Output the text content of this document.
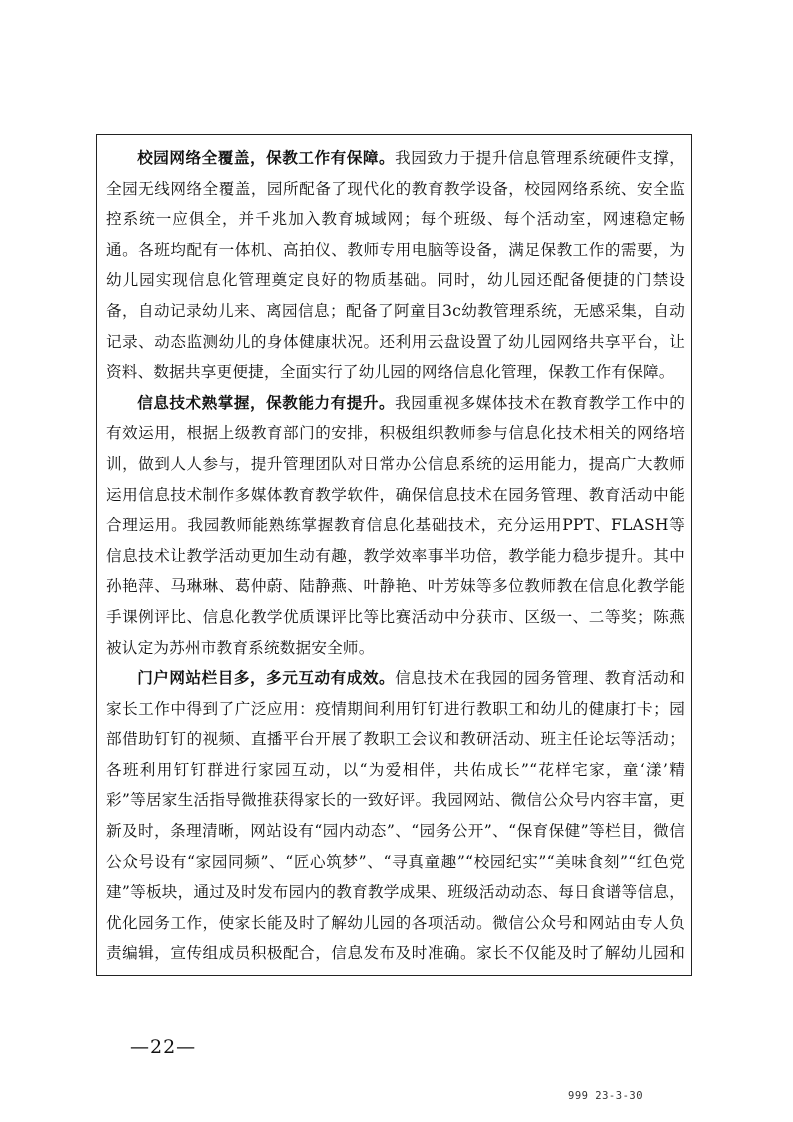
校园网络全覆盖，保教工作有保障。我园致力于提升信息管理系统硬件支撑，全园无线网络全覆盖，园所配备了现代化的教育教学设备，校园网络系统、安全监控系统一应俱全，并千兆加入教育城域网；每个班级、每个活动室，网速稳定畅通。各班均配有一体机、高拍仪、教师专用电脑等设备，满足保教工作的需要，为幼儿园实现信息化管理奠定良好的物质基础。同时，幼儿园还配备便捷的门禁设备，自动记录幼儿来、离园信息；配备了阿童目3c幼教管理系统，无感采集，自动记录、动态监测幼儿的身体健康状况。还利用云盘设置了幼儿园网络共享平台，让资料、数据共享更便捷，全面实行了幼儿园的网络信息化管理，保教工作有保障。

信息技术熟掌握，保教能力有提升。我园重视多媒体技术在教育教学工作中的有效运用，根据上级教育部门的安排，积极组织教师参与信息化技术相关的网络培训，做到人人参与，提升管理团队对日常办公信息系统的运用能力，提高广大教师运用信息技术制作多媒体教育教学软件，确保信息技术在园务管理、教育活动中能合理运用。我园教师能熟练掌握教育信息化基础技术，充分运用PPT、FLASH等信息技术让教学活动更加生动有趣，教学效率事半功倍，教学能力稳步提升。其中孙艳萍、马琳琳、葛仲蔚、陆静燕、叶静艳、叶芳妹等多位教师教在信息化教学能手课例评比、信息化教学优质课评比等比赛活动中分获市、区级一、二等奖；陈燕被认定为苏州市教育系统数据安全师。

门户网站栏目多，多元互动有成效。信息技术在我园的园务管理、教育活动和家长工作中得到了广泛应用：疫情期间利用钉钉进行教职工和幼儿的健康打卡；园部借助钉钉的视频、直播平台开展了教职工会议和教研活动、班主任论坛等活动；各班利用钉钉群进行家园互动，以“为爱相伴，共佑成长”“花样宅家，童‘漾’精彩”等居家生活指导微推获得家长的一致好评。我园网站、微信公众号内容丰富，更新及时，条理清晰，网站设有“园内动态”、“园务公开”、“保育保健”等栏目，微信公众号设有“家园同频”、“匠心筑梦”、“寻真童趣”“校园纪实”“美味食刻”“红色党建”等板块，通过及时发布园内的教育教学成果、班级活动动态、每日食谱等信息，优化园务工作，使家长能及时了解幼儿园的各项活动。微信公众号和网站由专人负责编辑，宣传组成员积极配合，信息发布及时准确。家长不仅能及时了解幼儿园和

—22—
999 23-3-30
